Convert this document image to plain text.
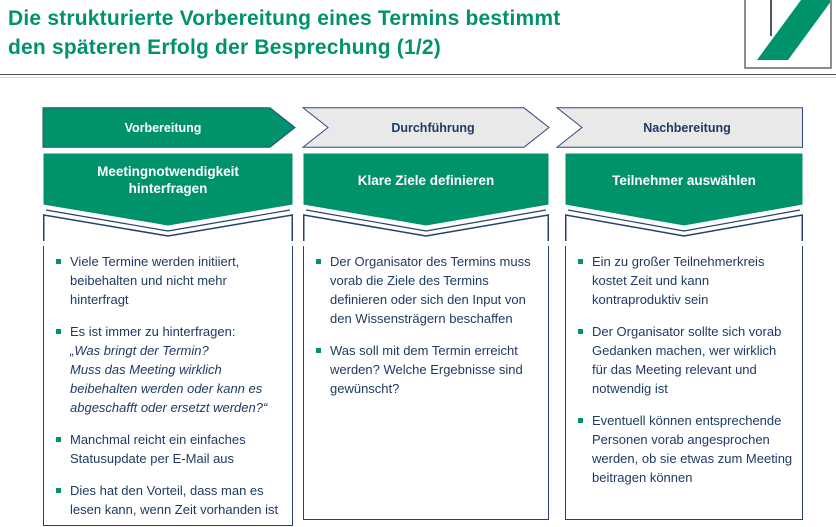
Die strukturierte Vorbereitung eines Termins bestimmt
den späteren Erfolg der Besprechung (1/2)
Vorbereitung	Durchführung	Nachbereitung
Meetingnotwendigkeit hinterfragen
Viele Termine werden initiiert, beibehalten und nicht mehr hinterfragt
Es ist immer zu hinterfragen:
„Was bringt der Termin?
Muss das Meeting wirklich beibehalten werden oder kann es abgeschafft oder ersetzt werden?“
Manchmal reicht ein einfaches Statusupdate per E-Mail aus
Dies hat den Vorteil, dass man es lesen kann, wenn Zeit vorhanden ist
Klare Ziele definieren
Der Organisator des Termins muss vorab die Ziele des Termins definieren oder sich den Input von den Wissensträgern beschaffen
Was soll mit dem Termin erreicht werden? Welche Ergebnisse sind gewünscht?
Teilnehmer auswählen
Ein zu großer Teilnehmerkreis kostet Zeit und kann kontraproduktiv sein
Der Organisator sollte sich vorab Gedanken machen, wer wirklich für das Meeting relevant und notwendig ist
Eventuell können entsprechende Personen vorab angesprochen werden, ob sie etwas zum Meeting beitragen können
